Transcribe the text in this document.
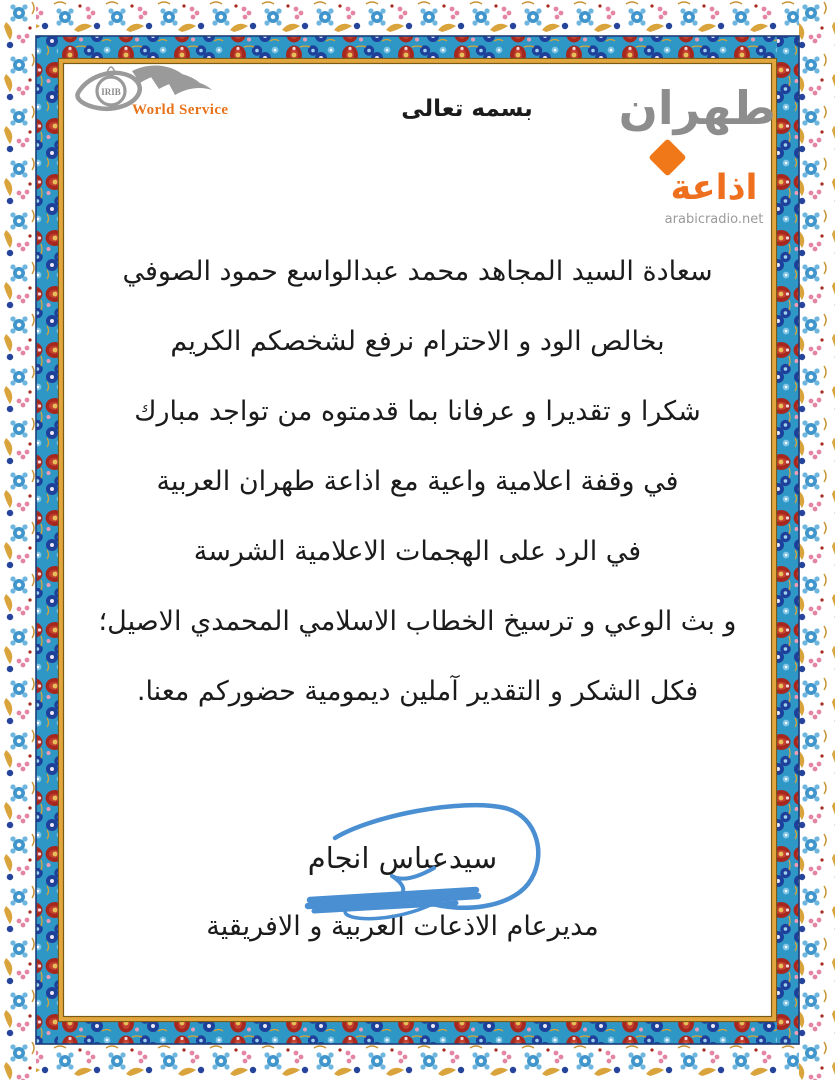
IRIB
World Service	بسمه تعالى	طهران
اذاعة
arabicradio.net
سعادة السيد المجاهد محمد عبدالواسع حمود الصوفي
بخالص الود و الاحترام نرفع لشخصكم الكريم
شكرا و تقديرا و عرفانا بما قدمتوه من تواجد مبارك
في وقفة اعلامية واعية مع اذاعة طهران العربية
في الرد على الهجمات الاعلامية الشرسة
و بث الوعي و ترسيخ الخطاب الاسلامي المحمدي الاصيل؛
فكل الشكر و التقدير آملين ديمومية حضوركم معنا.
سيدعباس انجام
مديرعام الاذعات العربية و الافريقية
